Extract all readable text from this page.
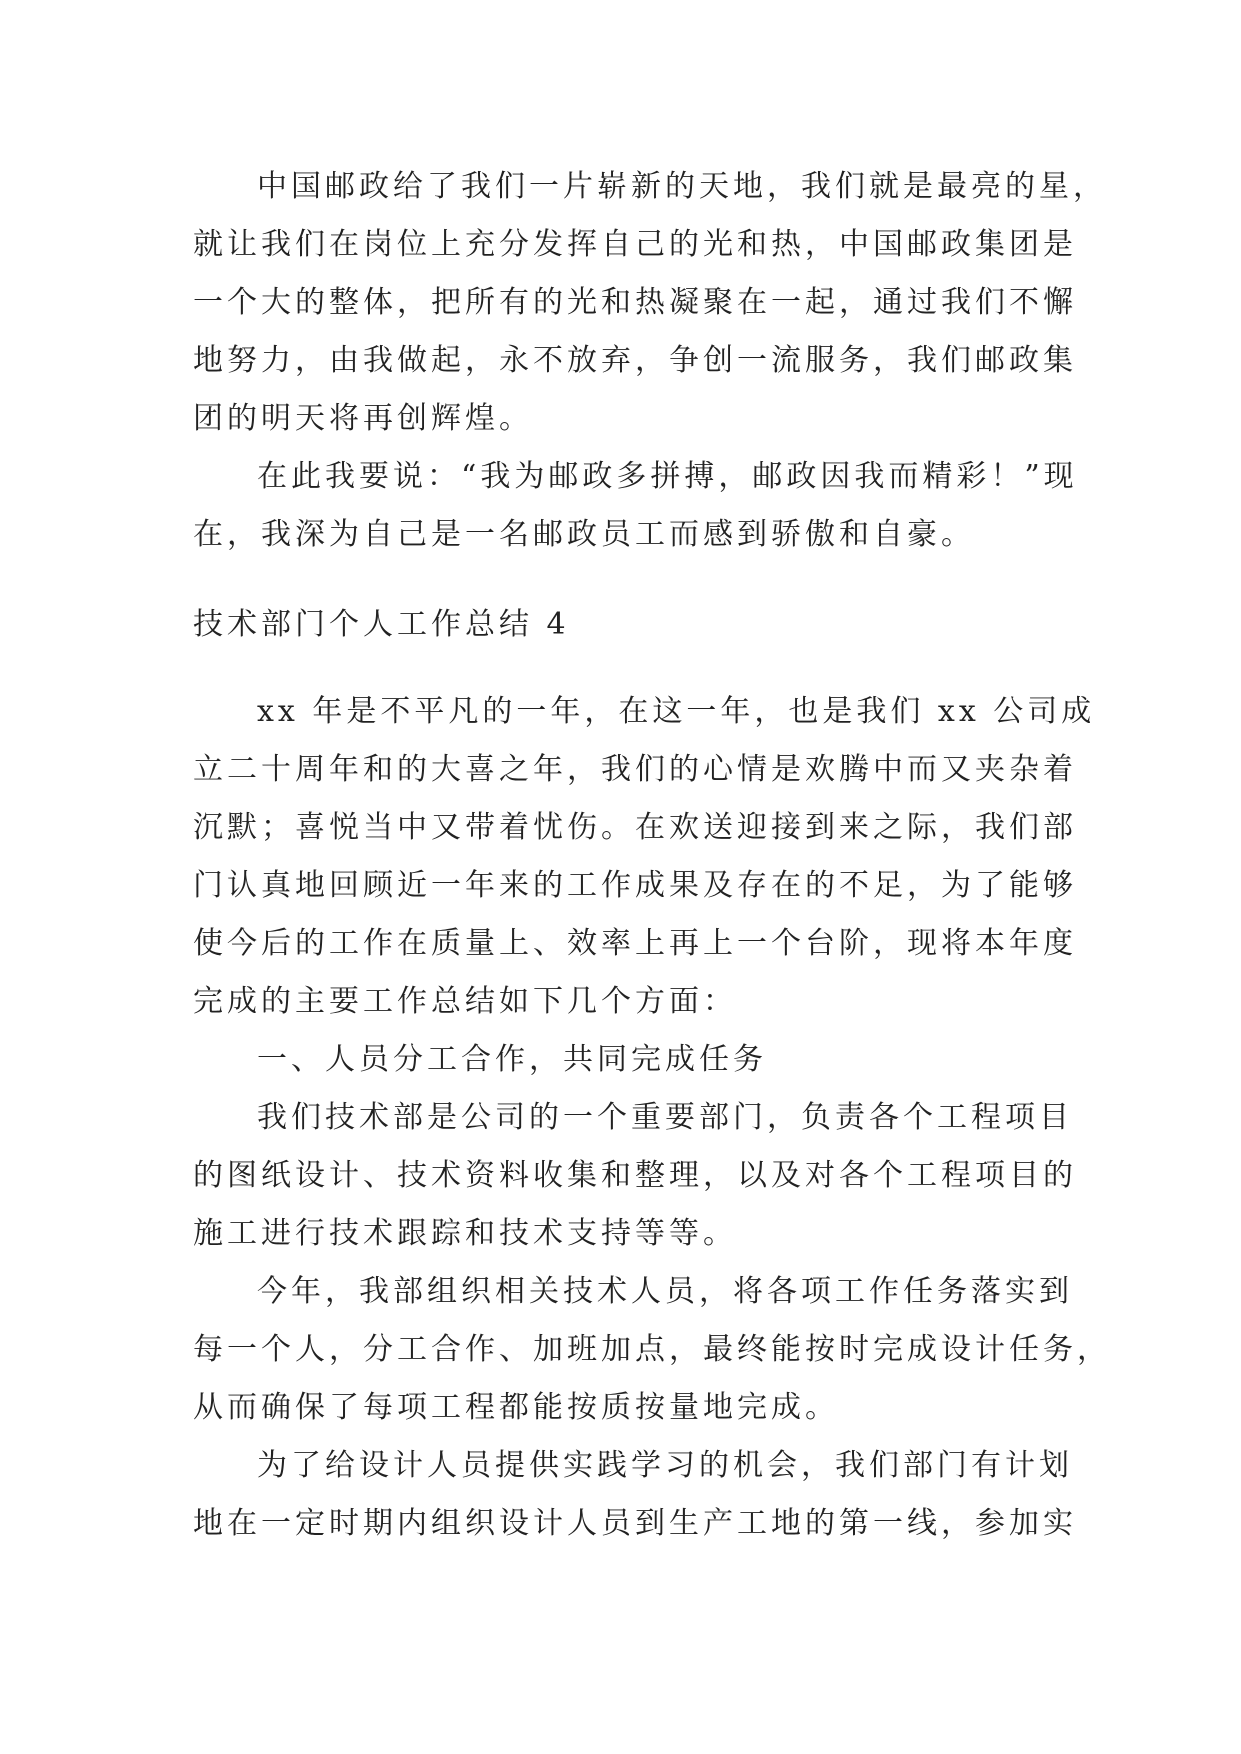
中国邮政给了我们一片崭新的天地，我们就是最亮的星，
就让我们在岗位上充分发挥自己的光和热，中国邮政集团是
一个大的整体，把所有的光和热凝聚在一起，通过我们不懈
地努力，由我做起，永不放弃，争创一流服务，我们邮政集
团的明天将再创辉煌。
在此我要说：“我为邮政多拼搏，邮政因我而精彩！”现
在，我深为自己是一名邮政员工而感到骄傲和自豪。
技术部门个人工作总结 4
xx 年是不平凡的一年，在这一年，也是我们 xx 公司成
立二十周年和的大喜之年，我们的心情是欢腾中而又夹杂着
沉默；喜悦当中又带着忧伤。在欢送迎接到来之际，我们部
门认真地回顾近一年来的工作成果及存在的不足，为了能够
使今后的工作在质量上、效率上再上一个台阶，现将本年度
完成的主要工作总结如下几个方面：
一、人员分工合作，共同完成任务
我们技术部是公司的一个重要部门，负责各个工程项目
的图纸设计、技术资料收集和整理，以及对各个工程项目的
施工进行技术跟踪和技术支持等等。
今年，我部组织相关技术人员，将各项工作任务落实到
每一个人，分工合作、加班加点，最终能按时完成设计任务，
从而确保了每项工程都能按质按量地完成。
为了给设计人员提供实践学习的机会，我们部门有计划
地在一定时期内组织设计人员到生产工地的第一线，参加实
